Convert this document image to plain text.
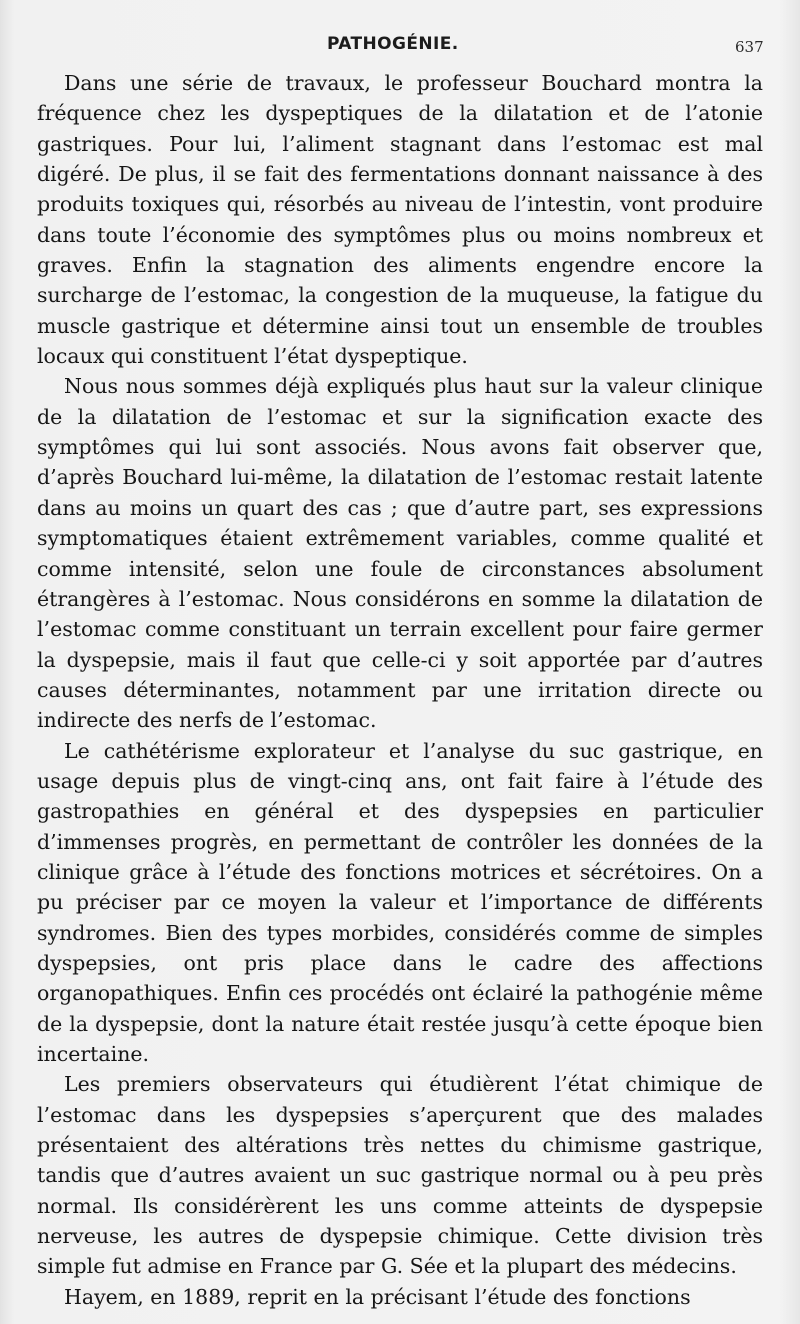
PATHOGÉNIE.	637

Dans une série de travaux, le professeur Bouchard montra la fréquence chez les dyspeptiques de la dilatation et de l’atonie gastriques. Pour lui, l’aliment stagnant dans l’estomac est mal digéré. De plus, il se fait des fermentations donnant naissance à des produits toxiques qui, résorbés au niveau de l’intestin, vont produire dans toute l’économie des symptômes plus ou moins nombreux et graves. Enfin la stagnation des aliments engendre encore la surcharge de l’estomac, la congestion de la muqueuse, la fatigue du muscle gastrique et détermine ainsi tout un ensemble de troubles locaux qui constituent l’état dyspeptique.

Nous nous sommes déjà expliqués plus haut sur la valeur clinique de la dilatation de l’estomac et sur la signification exacte des symptômes qui lui sont associés. Nous avons fait observer que, d’après Bouchard lui-même, la dilatation de l’estomac restait latente dans au moins un quart des cas ; que d’autre part, ses expressions symptomatiques étaient extrêmement variables, comme qualité et comme intensité, selon une foule de circonstances absolument étrangères à l’estomac. Nous considérons en somme la dilatation de l’estomac comme constituant un terrain excellent pour faire germer la dyspepsie, mais il faut que celle-ci y soit apportée par d’autres causes déterminantes, notamment par une irritation directe ou indirecte des nerfs de l’estomac.

Le cathétérisme explorateur et l’analyse du suc gastrique, en usage depuis plus de vingt-cinq ans, ont fait faire à l’étude des gastropathies en général et des dyspepsies en particulier d’immenses progrès, en permettant de contrôler les données de la clinique grâce à l’étude des fonctions motrices et sécrétoires. On a pu préciser par ce moyen la valeur et l’importance de différents syndromes. Bien des types morbides, considérés comme de simples dyspepsies, ont pris place dans le cadre des affections organopathiques. Enfin ces procédés ont éclairé la pathogénie même de la dyspepsie, dont la nature était restée jusqu’à cette époque bien incertaine.

Les premiers observateurs qui étudièrent l’état chimique de l’estomac dans les dyspepsies s’aperçurent que des malades présentaient des altérations très nettes du chimisme gastrique, tandis que d’autres avaient un suc gastrique normal ou à peu près normal. Ils considérèrent les uns comme atteints de dyspepsie nerveuse, les autres de dyspepsie chimique. Cette division très simple fut admise en France par G. Sée et la plupart des médecins.

Hayem, en 1889, reprit en la précisant l’étude des fonctions
